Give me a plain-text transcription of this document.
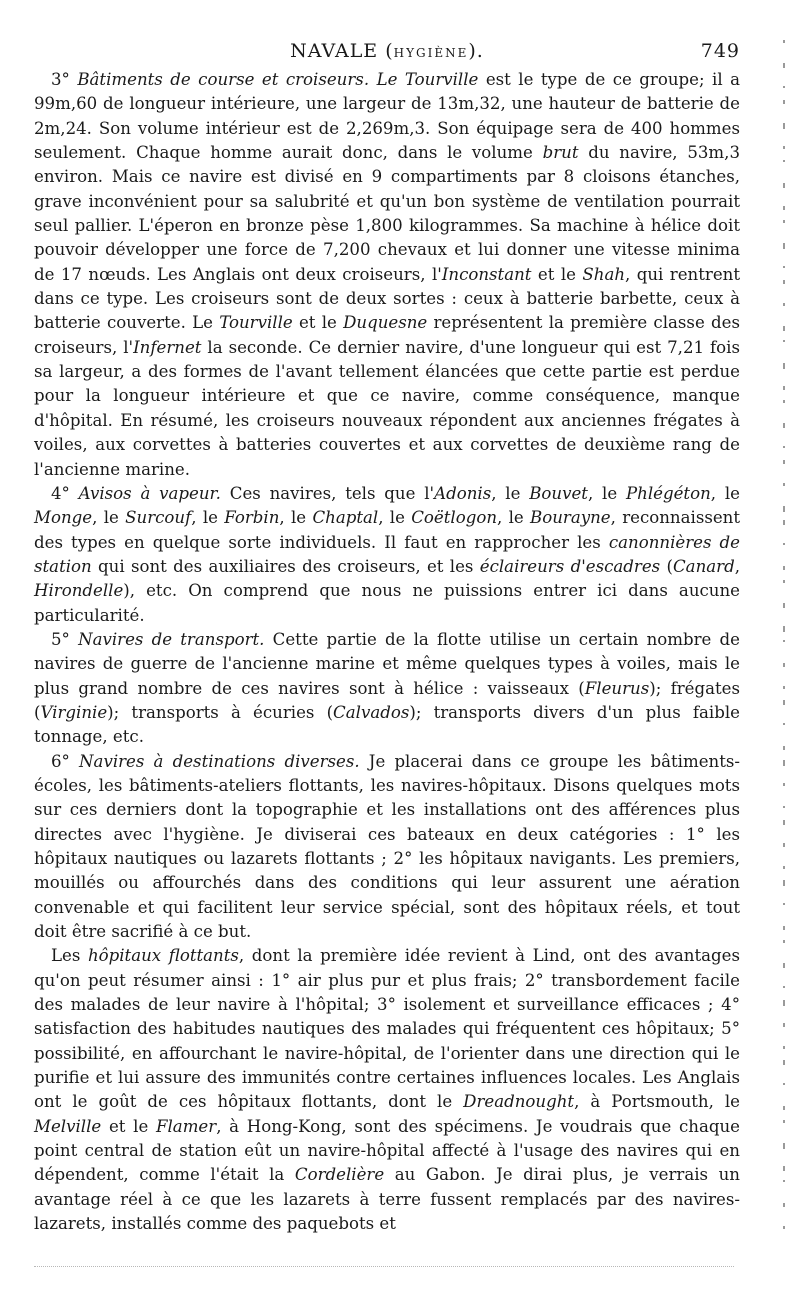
NAVALE (HYGIÈNE).	749

3° Bâtiments de course et croiseurs. Le Tourville est le type de ce groupe; il a 99m,60 de longueur intérieure, une largeur de 13m,32, une hauteur de batterie de 2m,24. Son volume intérieur est de 2,269m,3. Son équipage sera de 400 hommes seulement. Chaque homme aurait donc, dans le volume brut du navire, 53m,3 environ. Mais ce navire est divisé en 9 compartiments par 8 cloisons étanches, grave inconvénient pour sa salubrité et qu'un bon système de ventilation pourrait seul pallier. L'éperon en bronze pèse 1,800 kilogrammes. Sa machine à hélice doit pouvoir développer une force de 7,200 chevaux et lui donner une vitesse minima de 17 nœuds. Les Anglais ont deux croiseurs, l'Inconstant et le Shah, qui rentrent dans ce type. Les croiseurs sont de deux sortes : ceux à batterie barbette, ceux à batterie couverte. Le Tourville et le Duquesne représentent la première classe des croiseurs, l'Infernet la seconde. Ce dernier navire, d'une longueur qui est 7,21 fois sa largeur, a des formes de l'avant tellement élancées que cette partie est perdue pour la longueur intérieure et que ce navire, comme conséquence, manque d'hôpital. En résumé, les croiseurs nouveaux répondent aux anciennes frégates à voiles, aux corvettes à batteries couvertes et aux corvettes de deuxième rang de l'ancienne marine.

4° Avisos à vapeur. Ces navires, tels que l'Adonis, le Bouvet, le Phlégéton, le Monge, le Surcouf, le Forbin, le Chaptal, le Coëtlogon, le Bourayne, reconnaissent des types en quelque sorte individuels. Il faut en rapprocher les canonnières de station qui sont des auxiliaires des croiseurs, et les éclaireurs d'escadres (Canard, Hirondelle), etc. On comprend que nous ne puissions entrer ici dans aucune particularité.

5° Navires de transport. Cette partie de la flotte utilise un certain nombre de navires de guerre de l'ancienne marine et même quelques types à voiles, mais le plus grand nombre de ces navires sont à hélice : vaisseaux (Fleurus); frégates (Virginie); transports à écuries (Calvados); transports divers d'un plus faible tonnage, etc.

6° Navires à destinations diverses. Je placerai dans ce groupe les bâtiments-écoles, les bâtiments-ateliers flottants, les navires-hôpitaux. Disons quelques mots sur ces derniers dont la topographie et les installations ont des afférences plus directes avec l'hygiène. Je diviserai ces bateaux en deux catégories : 1° les hôpitaux nautiques ou lazarets flottants ; 2° les hôpitaux navigants. Les premiers, mouillés ou affourchés dans des conditions qui leur assurent une aération convenable et qui facilitent leur service spécial, sont des hôpitaux réels, et tout doit être sacrifié à ce but.

Les hôpitaux flottants, dont la première idée revient à Lind, ont des avantages qu'on peut résumer ainsi : 1° air plus pur et plus frais; 2° transbordement facile des malades de leur navire à l'hôpital; 3° isolement et surveillance efficaces ; 4° satisfaction des habitudes nautiques des malades qui fréquentent ces hôpitaux; 5° possibilité, en affourchant le navire-hôpital, de l'orienter dans une direction qui le purifie et lui assure des immunités contre certaines influences locales. Les Anglais ont le goût de ces hôpitaux flottants, dont le Dreadnought, à Portsmouth, le Melville et le Flamer, à Hong-Kong, sont des spécimens. Je voudrais que chaque point central de station eût un navire-hôpital affecté à l'usage des navires qui en dépendent, comme l'était la Cordelière au Gabon. Je dirai plus, je verrais un avantage réel à ce que les lazarets à terre fussent remplacés par des navires-lazarets, installés comme des paquebots et
